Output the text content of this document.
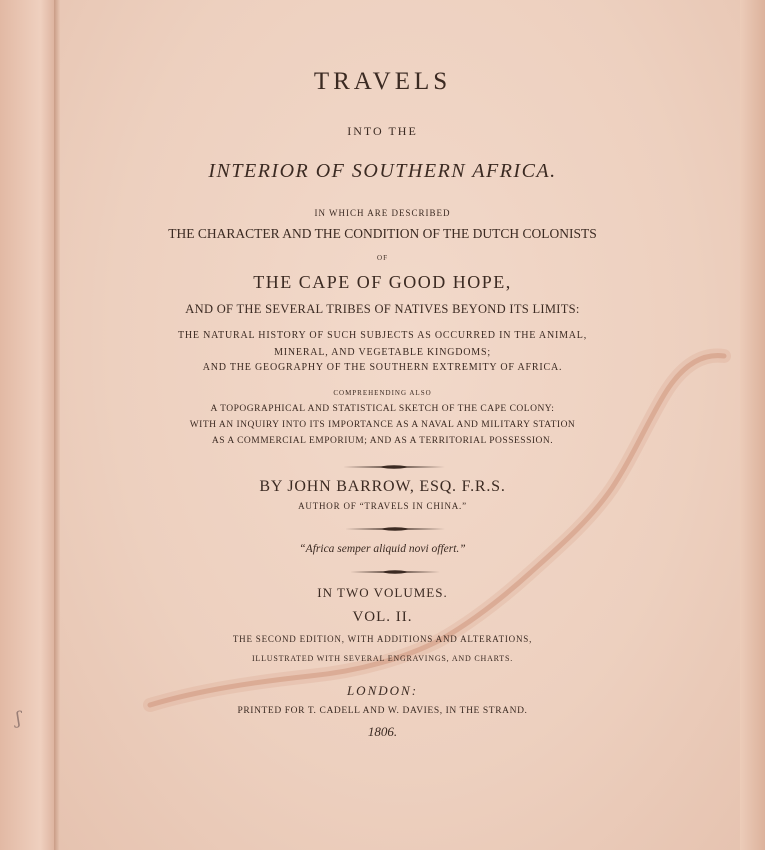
ʃ
TRAVELS
INTO THE
INTERIOR OF SOUTHERN AFRICA.
IN WHICH ARE DESCRIBED
THE CHARACTER AND THE CONDITION OF THE DUTCH COLONISTS
OF
THE CAPE OF GOOD HOPE,
AND OF THE SEVERAL TRIBES OF NATIVES BEYOND ITS LIMITS:
THE NATURAL HISTORY OF SUCH SUBJECTS AS OCCURRED IN THE ANIMAL,
MINERAL, AND VEGETABLE KINGDOMS;
AND THE GEOGRAPHY OF THE SOUTHERN EXTREMITY OF AFRICA.
COMPREHENDING ALSO
A TOPOGRAPHICAL AND STATISTICAL SKETCH OF THE CAPE COLONY:
WITH AN INQUIRY INTO ITS IMPORTANCE AS A NAVAL AND MILITARY STATION
AS A COMMERCIAL EMPORIUM; AND AS A TERRITORIAL POSSESSION.
BY JOHN BARROW, ESQ. F.R.S.
AUTHOR OF “TRAVELS IN CHINA.”
“Africa semper aliquid novi offert.”
IN TWO VOLUMES.
VOL. II.
THE SECOND EDITION, WITH ADDITIONS AND ALTERATIONS,
ILLUSTRATED WITH SEVERAL ENGRAVINGS, AND CHARTS.
LONDON:
PRINTED FOR T. CADELL AND W. DAVIES, IN THE STRAND.
1806.
